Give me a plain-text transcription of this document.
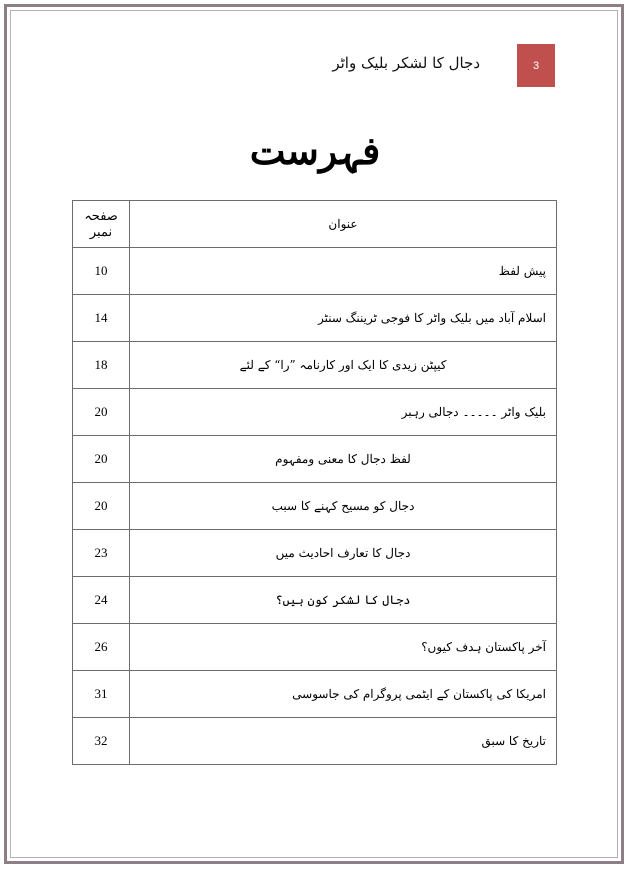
3
دجال کا لشکر بلیک واٹر
فہرست
صفحہ نمبر	عنوان
10	پیش لفظ
14	اسلام آباد میں بلیک واٹر کا فوجی ٹریننگ سنٹر
18	کیپٹن زیدی کا ایک اور کارنامہ ”را“ کے لئے
20	بلیک واٹر ۔۔۔۔۔ دجالی رہبر
20	لفظ دجال کا معنی ومفہوم
20	دجال کو مسیح کہنے کا سبب
23	دجال کا تعارف احادیث میں
24	دجال کا لشکر کون ہیں؟
26	آخر پاکستان ہدف کیوں؟
31	امریکا کی پاکستان کے ایٹمی پروگرام کی جاسوسی
32	تاریخ کا سبق
